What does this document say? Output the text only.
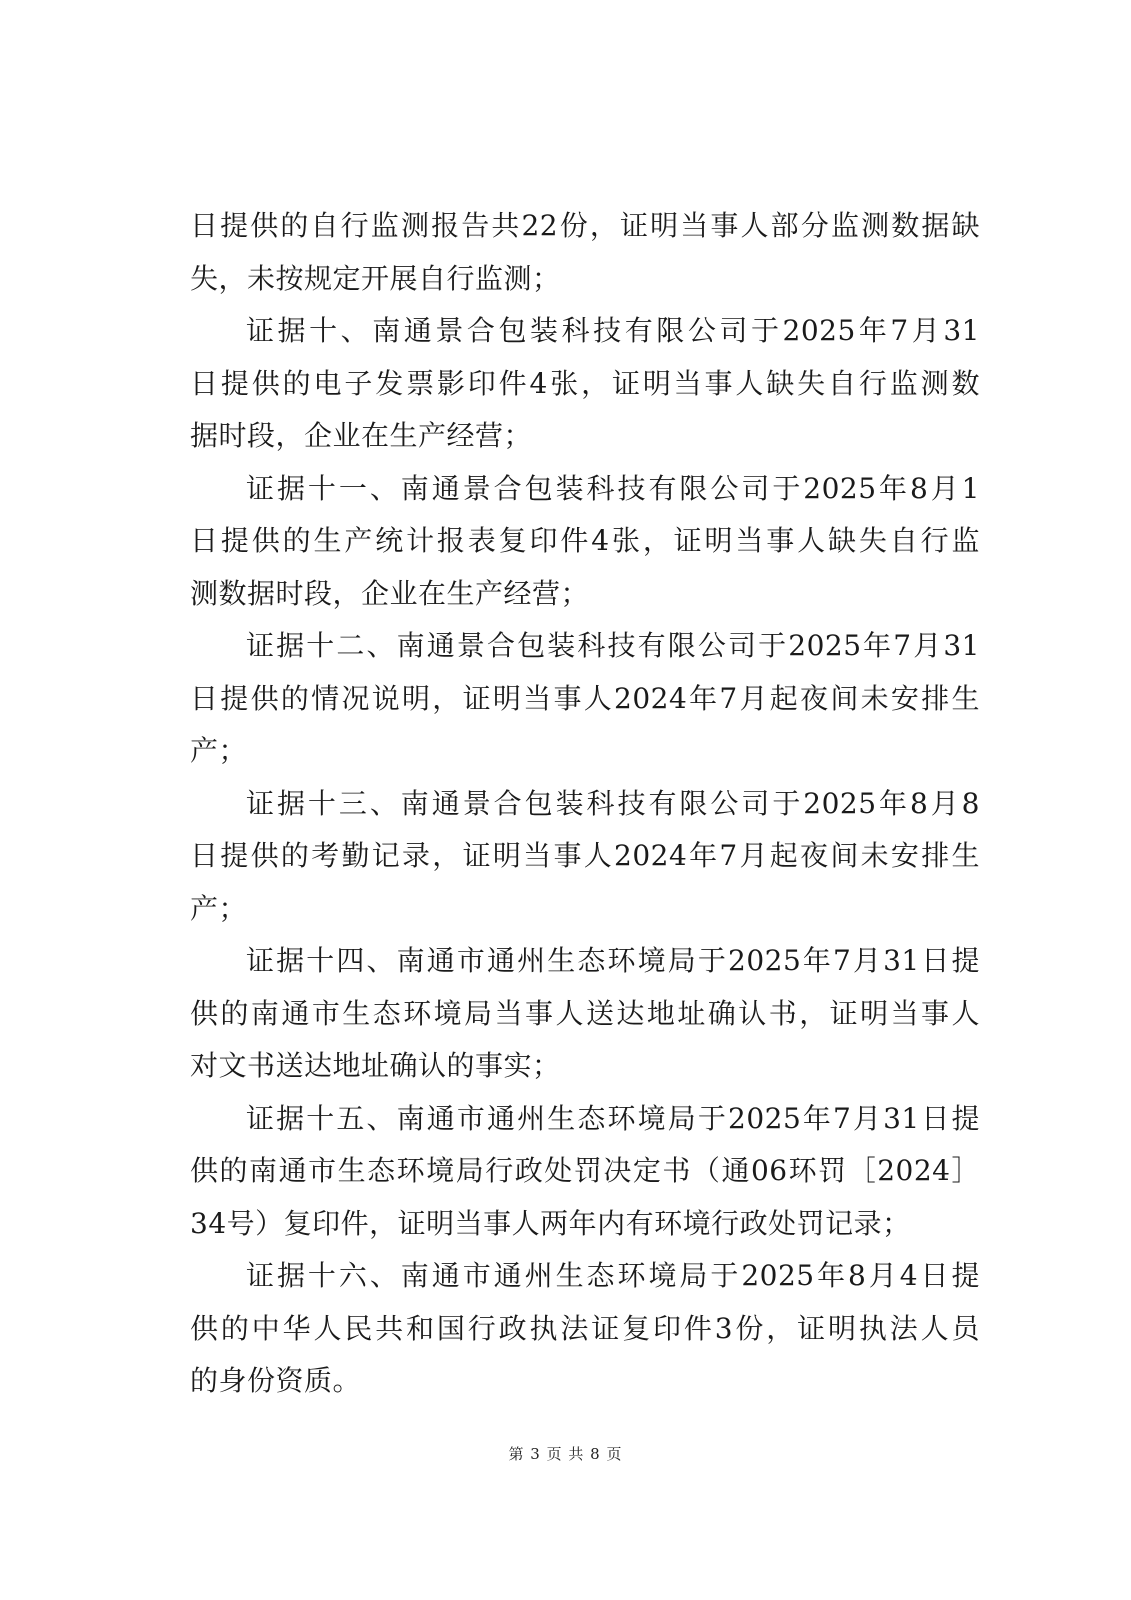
日提供的自行监测报告共22份，证明当事人部分监测数据缺
失，未按规定开展自行监测；
证据十、南通景合包装科技有限公司于2025年7月31
日提供的电子发票影印件4张，证明当事人缺失自行监测数
据时段，企业在生产经营；
证据十一、南通景合包装科技有限公司于2025年8月1
日提供的生产统计报表复印件4张，证明当事人缺失自行监
测数据时段，企业在生产经营；
证据十二、南通景合包装科技有限公司于2025年7月31
日提供的情况说明，证明当事人2024年7月起夜间未安排生
产；
证据十三、南通景合包装科技有限公司于2025年8月8
日提供的考勤记录，证明当事人2024年7月起夜间未安排生
产；
证据十四、南通市通州生态环境局于2025年7月31日提
供的南通市生态环境局当事人送达地址确认书，证明当事人
对文书送达地址确认的事实；
证据十五、南通市通州生态环境局于2025年7月31日提
供的南通市生态环境局行政处罚决定书（通06环罚［2024］
34号）复印件，证明当事人两年内有环境行政处罚记录；
证据十六、南通市通州生态环境局于2025年8月4日提
供的中华人民共和国行政执法证复印件3份，证明执法人员
的身份资质。
第 3 页 共 8 页
